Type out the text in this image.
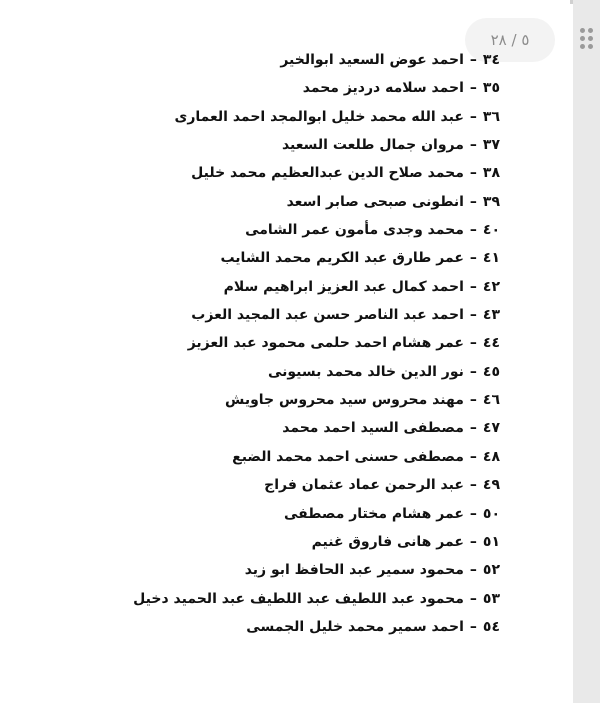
٥ / ٢٨
٣٤–احمد عوض السعيد ابوالخير
٣٥–احمد سلامه درديز محمد
٣٦–عبد الله محمد خليل ابوالمجد احمد العمارى
٣٧–مروان جمال طلعت السعيد
٣٨–محمد صلاح الدين عبدالعظيم محمد خليل
٣٩–انطونى صبحى صابر اسعد
٤٠–محمد وجدى مأمون عمر الشامى
٤١–عمر طارق عبد الكريم محمد الشايب
٤٢–احمد كمال عبد العزيز ابراهيم سلام
٤٣–احمد عبد الناصر حسن عبد المجيد العزب
٤٤–عمر هشام احمد حلمى محمود عبد العزيز
٤٥–نور الدين خالد محمد بسيونى
٤٦–مهند محروس سيد محروس جاويش
٤٧–مصطفى السيد احمد محمد
٤٨–مصطفى حسنى احمد محمد الضبع
٤٩–عبد الرحمن عماد عثمان فراج
٥٠–عمر هشام مختار مصطفى
٥١–عمر هانى فاروق غنيم
٥٢–محمود سمير عبد الحافظ ابو زيد
٥٣–محمود عبد اللطيف عبد اللطيف عبد الحميد دخيل
٥٤–احمد سمير محمد خليل الجمسى
